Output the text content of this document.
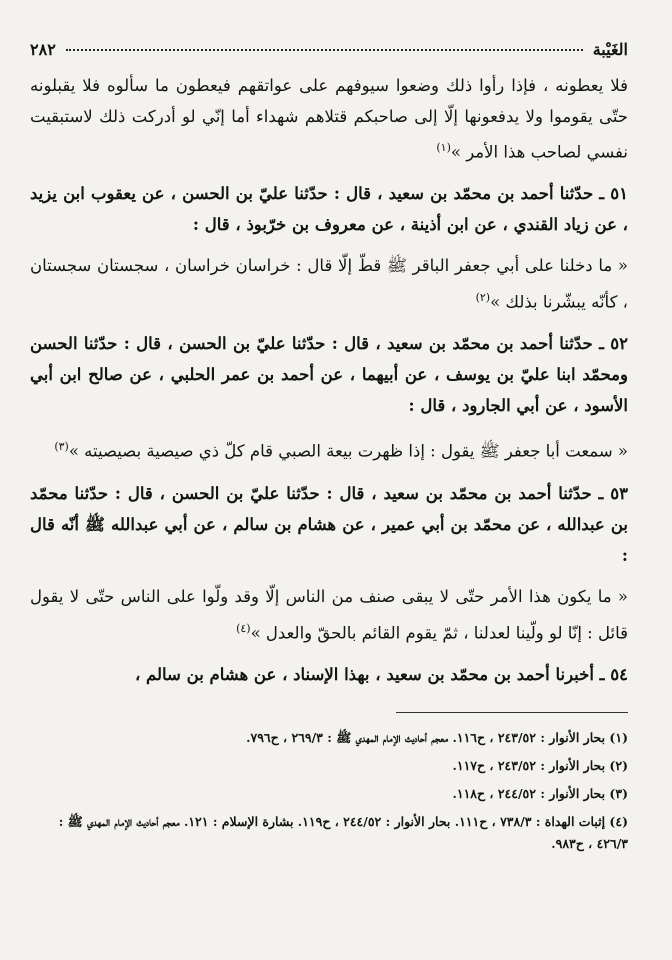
الغَيْبة
٢٨٢

فلا يعطونه ، فإذا رأوا ذلك وضعوا سيوفهم على عواتقهم فيعطون ما سألوه فلا يقبلونه حتّى يقوموا ولا يدفعونها إلّا إلى صاحبكم قتلاهم شهداء أما إنّي لو أدركت ذلك لاستبقيت نفسي لصاحب هذا الأمر »$^{(١)}$

٥١ ـ حدّثنا أحمد بن محمّد بن سعيد ، قال : حدّثنا عليّ بن الحسن ، عن يعقوب ابن يزيد ، عن زياد القندي ، عن ابن أذينة ، عن معروف بن خرّبوذ ، قال :

« ما دخلنا على أبي جعفر الباقر ﷺ قطّ إلّا قال : خراسان خراسان ، سجستان سجستان ، كأنّه يبشّرنا بذلك »$^{(٢)}$

٥٢ ـ حدّثنا أحمد بن محمّد بن سعيد ، قال : حدّثنا عليّ بن الحسن ، قال : حدّثنا الحسن ومحمّد ابنا عليّ بن يوسف ، عن أبيهما ، عن أحمد بن عمر الحلبي ، عن صالح ابن أبي الأسود ، عن أبي الجارود ، قال :

« سمعت أبا جعفر ﷺ يقول : إذا ظهرت بيعة الصبي قام كلّ ذي صيصية بصيصيته »$^{(٣)}$

٥٣ ـ حدّثنا أحمد بن محمّد بن سعيد ، قال : حدّثنا عليّ بن الحسن ، قال : حدّثنا محمّد بن عبدالله ، عن محمّد بن أبي عمير ، عن هشام بن سالم ، عن أبي عبدالله ﷺ أنّه قال :

« ما يكون هذا الأمر حتّى لا يبقى صنف من الناس إلّا وقد ولّوا على الناس حتّى لا يقول قائل : إنّا لو ولّينا لعدلنا ، ثمّ يقوم القائم بالحقّ والعدل »$^{(٤)}$

٥٤ ـ أخبرنا أحمد بن محمّد بن سعيد ، بهذا الإسناد ، عن هشام بن سالم ،

(١) بحار الأنوار : ٢٤٣/٥٢ ، ح١١٦. معجم أحاديث الإمام المهدي ﷺ : ٢٦٩/٣ ، ح٧٩٦.

(٢) بحار الأنوار : ٢٤٣/٥٢ ، ح١١٧.

(٣) بحار الأنوار : ٢٤٤/٥٢ ، ح١١٨.

(٤) إثبات الهداة : ٧٣٨/٣ ، ح١١١. بحار الأنوار : ٢٤٤/٥٢ ، ح١١٩. بشارة الإسلام : ١٢١. معجم أحاديث الإمام المهدي ﷺ : ٤٢٦/٣ ، ح٩٨٣.
